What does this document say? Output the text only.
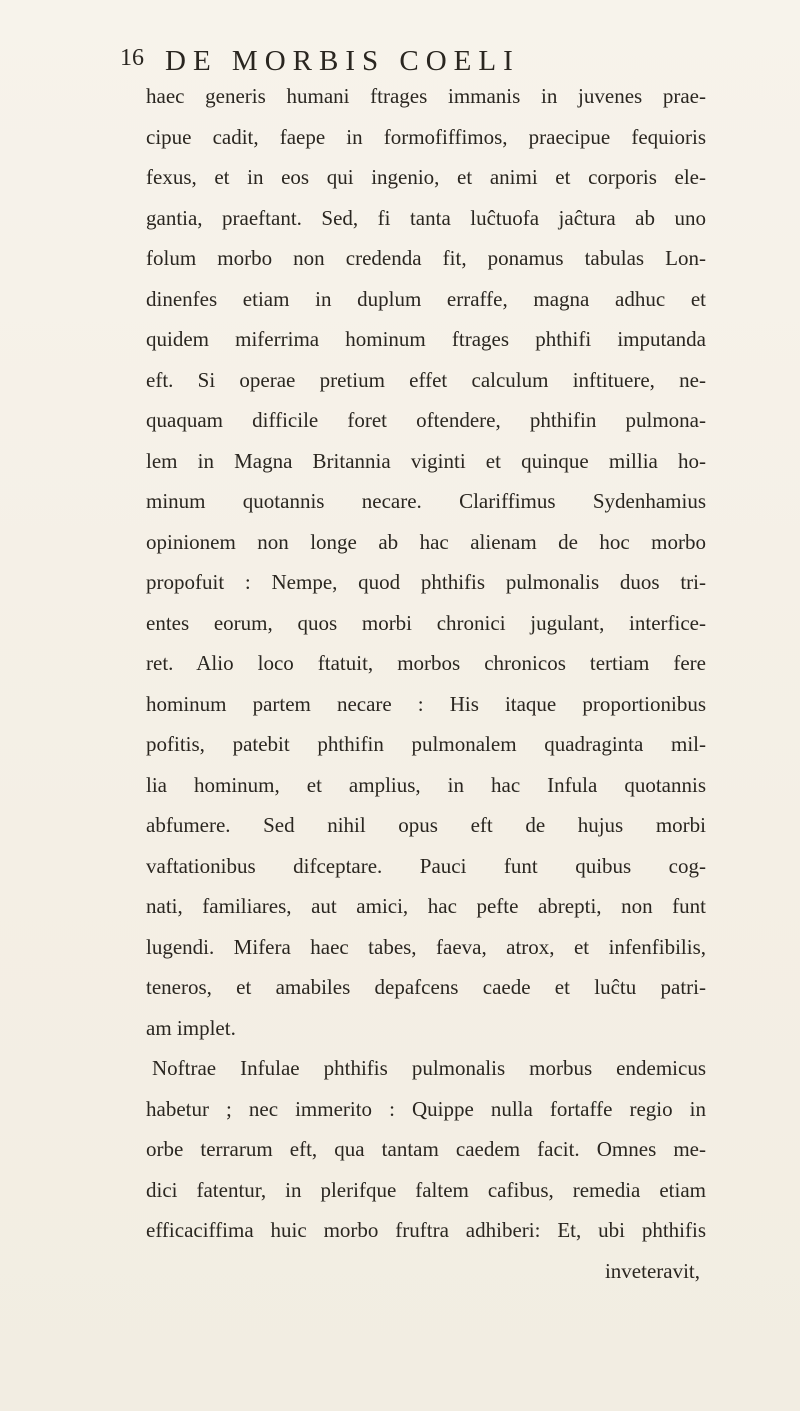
16 DE MORBIS COELI
haec generis humani ftrages immanis in juvenes prae-
cipue cadit, faepe in formofiffimos, praecipue fequioris
fexus, et in eos qui ingenio, et animi et corporis ele-
gantia, praeftant. Sed, fi tanta luĉtuofa jaĉtura ab uno
folum morbo non credenda fit, ponamus tabulas Lon-
dinenfes etiam in duplum erraffe, magna adhuc et
quidem miferrima hominum ftrages phthifi imputanda
eft. Si operae pretium effet calculum inftituere, ne-
quaquam difficile foret oftendere, phthifin pulmona-
lem in Magna Britannia viginti et quinque millia ho-
minum quotannis necare. Clariffimus Sydenhamius
opinionem non longe ab hac alienam de hoc morbo
propofuit : Nempe, quod phthifis pulmonalis duos tri-
entes eorum, quos morbi chronici jugulant, interfice-
ret. Alio loco ftatuit, morbos chronicos tertiam fere
hominum partem necare : His itaque proportionibus
pofitis, patebit phthifin pulmonalem quadraginta mil-
lia hominum, et amplius, in hac Infula quotannis
abfumere. Sed nihil opus eft de hujus morbi
vaftationibus difceptare. Pauci funt quibus cog-
nati, familiares, aut amici, hac pefte abrepti, non funt
lugendi. Mifera haec tabes, faeva, atrox, et infenfibilis,
teneros, et amabiles depafcens caede et luĉtu patri-
am implet.
Noftrae Infulae phthifis pulmonalis morbus endemicus
habetur ; nec immerito : Quippe nulla fortaffe regio in
orbe terrarum eft, qua tantam caedem facit. Omnes me-
dici fatentur, in plerifque faltem cafibus, remedia etiam
efficaciffima huic morbo fruftra adhiberi: Et, ubi phthifis
inveteravit,
